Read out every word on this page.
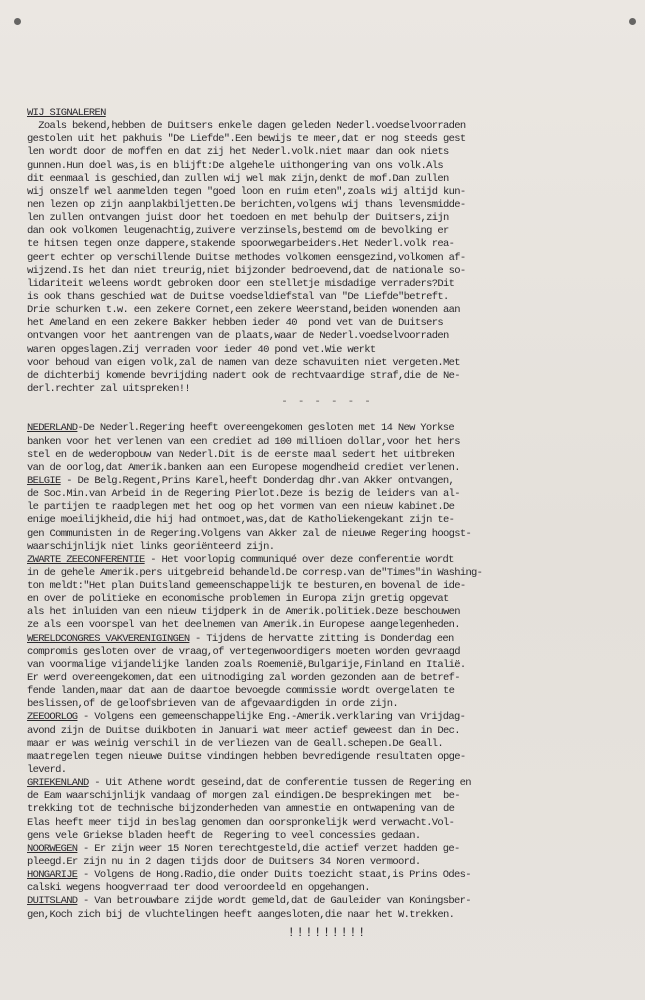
WIJ SIGNALEREN
Zoals bekend,hebben de Duitsers enkele dagen geleden Nederl.voedselvoorraden
gestolen uit het pakhuis "De Liefde".Een bewijs te meer,dat er nog steeds gest
len wordt door de moffen en dat zij het Nederl.volk.niet maar dan ook niets
gunnen.Hun doel was,is en blijft:De algehele uithongering van ons volk.Als
dit eenmaal is geschied,dan zullen wij wel mak zijn,denkt de mof.Dan zullen
wij onszelf wel aanmelden tegen "goed loon en ruim eten",zoals wij altijd kun-
nen lezen op zijn aanplakbiljetten.De berichten,volgens wij thans levensmidde-
len zullen ontvangen juist door het toedoen en met behulp der Duitsers,zijn
dan ook volkomen leugenachtig,zuivere verzinsels,bestemd om de bevolking er
te hitsen tegen onze dappere,stakende spoorwegarbeiders.Het Nederl.volk rea-
geert echter op verschillende Duitse methodes volkomen eensgezind,volkomen af-
wijzend.Is het dan niet treurig,niet bijzonder bedroevend,dat de nationale so-
lidariteit weleens wordt gebroken door een stelletje misdadige verraders?Dit
is ook thans geschied wat de Duitse voedseldiefstal van "De Liefde"betreft.
Drie schurken t.w. een zekere Cornet,een zekere Weerstand,beiden wonenden aan
het Ameland en een zekere Bakker hebben ieder 40  pond vet van de Duitsers
ontvangen voor het aantrengen van de plaats,waar de Nederl.voedselvoorraden
waren opgeslagen.Zij verraden voor ieder 40 pond vet.Wie werkt
voor behoud van eigen volk,zal de namen van deze schavuiten niet vergeten.Met
de dichterbij komende bevrijding nadert ook de rechtvaardige straf,die de Ne-
derl.rechter zal uitspreken!!
- - - - - -

NEDERLAND-De Nederl.Regering heeft overeengekomen gesloten met 14 New Yorkse
banken voor het verlenen van een crediet ad 100 millioen dollar,voor het hers
stel en de wederopbouw van Nederl.Dit is de eerste maal sedert het uitbreken
van de oorlog,dat Amerik.banken aan een Europese mogendheid crediet verlenen.
BELGIE - De Belg.Regent,Prins Karel,heeft Donderdag dhr.van Akker ontvangen,
de Soc.Min.van Arbeid in de Regering Pierlot.Deze is bezig de leiders van al-
le partijen te raadplegen met het oog op het vormen van een nieuw kabinet.De
enige moeilijkheid,die hij had ontmoet,was,dat de Katholiekengekant zijn te-
gen Communisten in de Regering.Volgens van Akker zal de nieuwe Regering hoogst-
waarschijnlijk niet links georiënteerd zijn.
ZWARTE ZEECONFERENTIE - Het voorlopig communiqué over deze conferentie wordt
in de gehele Amerik.pers uitgebreid behandeld.De corresp.van de"Times"in Washing-
ton meldt:"Het plan Duitsland gemeenschappelijk te besturen,en bovenal de ide-
en over de politieke en economische problemen in Europa zijn gretig opgevat
als het inluiden van een nieuw tijdperk in de Amerik.politiek.Deze beschouwen
ze als een voorspel van het deelnemen van Amerik.in Europese aangelegenheden.
WERELDCONGRES VAKVERENIGINGEN - Tijdens de hervatte zitting is Donderdag een
compromis gesloten over de vraag,of vertegenwoordigers moeten worden gevraagd
van voormalige vijandelijke landen zoals Roemenië,Bulgarije,Finland en Italië.
Er werd overeengekomen,dat een uitnodiging zal worden gezonden aan de betref-
fende landen,maar dat aan de daartoe bevoegde commissie wordt overgelaten te
beslissen,of de geloofsbrieven van de afgevaardigden in orde zijn.
ZEEOORLOG - Volgens een gemeenschappelijke Eng.-Amerik.verklaring van Vrijdag-
avond zijn de Duitse duikboten in Januari wat meer actief geweest dan in Dec.
maar er was weinig verschil in de verliezen van de Geall.schepen.De Geall.
maatregelen tegen nieuwe Duitse vindingen hebben bevredigende resultaten opge-
leverd.
GRIEKENLAND - Uit Athene wordt geseind,dat de conferentie tussen de Regering en
de Eam waarschijnlijk vandaag of morgen zal eindigen.De besprekingen met  be-
trekking tot de technische bijzonderheden van amnestie en ontwapening van de
Elas heeft meer tijd in beslag genomen dan oorspronkelijk werd verwacht.Vol-
gens vele Griekse bladen heeft de  Regering to veel concessies gedaan.
NOORWEGEN - Er zijn weer 15 Noren terechtgesteld,die actief verzet hadden ge-
pleegd.Er zijn nu in 2 dagen tijds door de Duitsers 34 Noren vermoord.
HONGARIJE - Volgens de Hong.Radio,die onder Duits toezicht staat,is Prins Odes-
calski wegens hoogverraad ter dood veroordeeld en opgehangen.
DUITSLAND - Van betrouwbare zijde wordt gemeld,dat de Gauleider van Koningsber-
gen,Koch zich bij de vluchtelingen heeft aangesloten,die naar het W.trekken.
!!!!!!!!!
